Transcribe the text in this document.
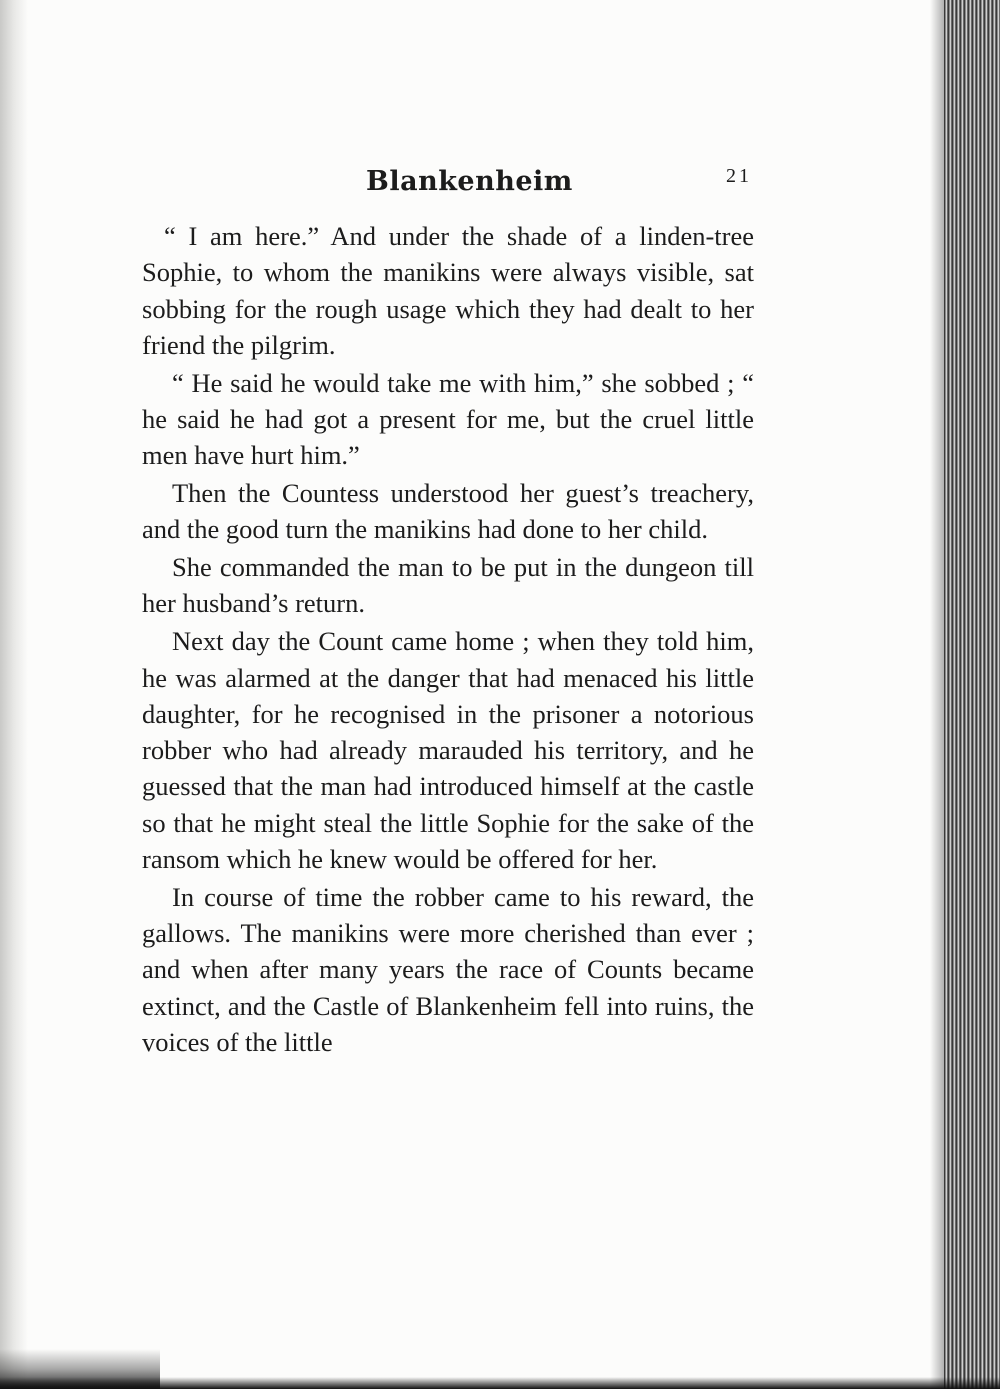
Blankenheim	21

“ I am here.” And under the shade of a linden-tree Sophie, to whom the manikins were always visible, sat sobbing for the rough usage which they had dealt to her friend the pilgrim.

“ He said he would take me with him,” she sobbed ; “ he said he had got a present for me, but the cruel little men have hurt him.”

Then the Countess understood her guest’s treachery, and the good turn the manikins had done to her child.

She commanded the man to be put in the dungeon till her husband’s return.

Next day the Count came home ; when they told him, he was alarmed at the danger that had menaced his little daughter, for he recognised in the prisoner a notorious robber who had already marauded his territory, and he guessed that the man had introduced himself at the castle so that he might steal the little Sophie for the sake of the ransom which he knew would be offered for her.

In course of time the robber came to his reward, the gallows. The manikins were more cherished than ever ; and when after many years the race of Counts became extinct, and the Castle of Blankenheim fell into ruins, the voices of the little
